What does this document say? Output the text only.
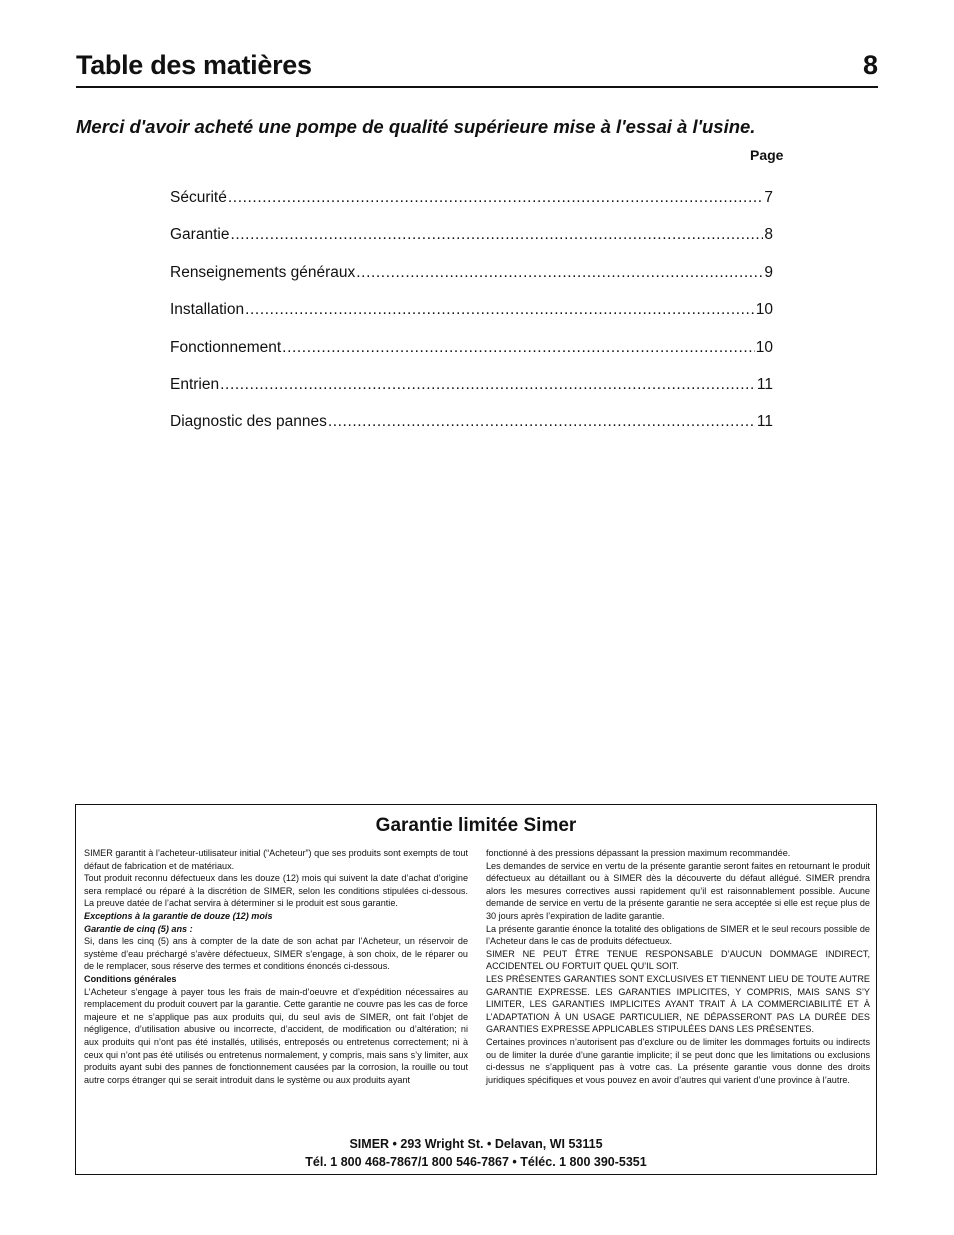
Table des matières	8
Merci d'avoir acheté une pompe de qualité supérieure mise à l'essai à l'usine.
Page
Sécurité .....	7
Garantie .....	8
Renseignements généraux .....	9
Installation .....	10
Fonctionnement .....	10
Entrien .....	11
Diagnostic des pannes .....	11
Garantie limitée Simer

SIMER garantit à l’acheteur-utilisateur initial (“Acheteur”) que ses produits sont exempts de tout défaut de fabrication et de matériaux.

Tout produit reconnu défectueux dans les douze (12) mois qui suivent la date d’achat d’origine sera remplacé ou réparé à la discrétion de SIMER, selon les conditions stipulées ci-dessous. La preuve datée de l’achat servira à déterminer si le produit est sous garantie.

Exceptions à la garantie de douze (12) mois

Garantie de cinq (5) ans :

Si, dans les cinq (5) ans à compter de la date de son achat par l’Acheteur, un réservoir de système d’eau préchargé s’avère défectueux, SIMER s’engage, à son choix, de le réparer ou de le remplacer, sous réserve des termes et conditions énoncés ci-dessous.

Conditions générales

L’Acheteur s’engage à payer tous les frais de main-d’oeuvre et d’expédition nécessaires au remplacement du produit couvert par la garantie. Cette garantie ne couvre pas les cas de force majeure et ne s’applique pas aux produits qui, du seul avis de SIMER, ont fait l’objet de négligence, d’utilisation abusive ou incorrecte, d’accident, de modification ou d’altération; ni aux produits qui n’ont pas été installés, utilisés, entreposés ou entretenus correctement; ni à ceux qui n’ont pas été utilisés ou entretenus normalement, y compris, mais sans s’y limiter, aux produits ayant subi des pannes de fonctionnement causées par la corrosion, la rouille ou tout autre corps étranger qui se serait introduit dans le système ou aux produits ayant

fonctionné à des pressions dépassant la pression maximum recommandée.

Les demandes de service en vertu de la présente garantie seront faites en retournant le produit défectueux au détaillant ou à SIMER dès la découverte du défaut allégué. SIMER prendra alors les mesures correctives aussi rapidement qu’il est raisonnablement possible. Aucune demande de service en vertu de la présente garantie ne sera acceptée si elle est reçue plus de 30 jours après l’expiration de ladite garantie.

La présente garantie énonce la totalité des obligations de SIMER et le seul recours possible de l’Acheteur dans le cas de produits défectueux.

SIMER NE PEUT ÊTRE TENUE RESPONSABLE D’AUCUN DOMMAGE INDIRECT, ACCIDENTEL OU FORTUIT QUEL QU’IL SOIT.

LES PRÉSENTES GARANTIES SONT EXCLUSIVES ET TIENNENT LIEU DE TOUTE AUTRE GARANTIE EXPRESSE. LES GARANTIES IMPLICITES, Y COMPRIS, MAIS SANS S’Y LIMITER, LES GARANTIES IMPLICITES AYANT TRAIT À LA COMMERCIABILITÉ ET À L’ADAPTATION À UN USAGE PARTICULIER, NE DÉPASSERONT PAS LA DURÉE DES GARANTIES EXPRESSE APPLICABLES STIPULÉES DANS LES PRÉSENTES.

Certaines provinces n’autorisent pas d’exclure ou de limiter les dommages fortuits ou indirects ou de limiter la durée d’une garantie implicite; il se peut donc que les limitations ou exclusions ci-dessus ne s’appliquent pas à votre cas. La présente garantie vous donne des droits juridiques spécifiques et vous pouvez en avoir d’autres qui varient d’une province à l’autre.

SIMER • 293 Wright St. • Delavan, WI 53115
Tél. 1 800 468-7867/1 800 546-7867 • Téléc. 1 800 390-5351
